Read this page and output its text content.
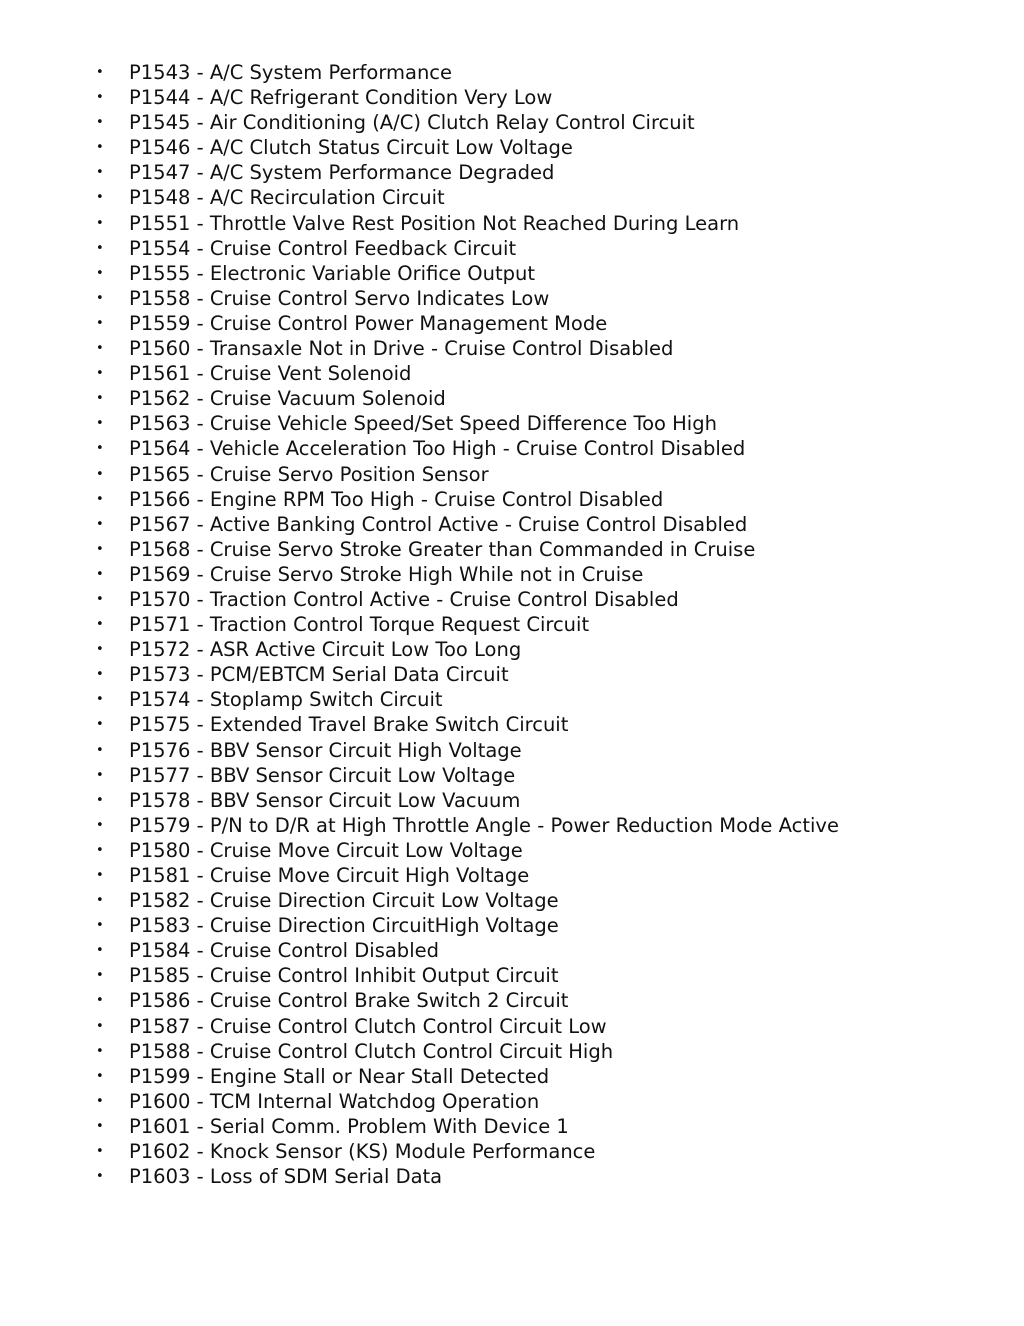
•	P1543 - A/C System Performance
•	P1544 - A/C Refrigerant Condition Very Low
•	P1545 - Air Conditioning (A/C) Clutch Relay Control Circuit
•	P1546 - A/C Clutch Status Circuit Low Voltage
•	P1547 - A/C System Performance Degraded
•	P1548 - A/C Recirculation Circuit
•	P1551 - Throttle Valve Rest Position Not Reached During Learn
•	P1554 - Cruise Control Feedback Circuit
•	P1555 - Electronic Variable Orifice Output
•	P1558 - Cruise Control Servo Indicates Low
•	P1559 - Cruise Control Power Management Mode
•	P1560 - Transaxle Not in Drive - Cruise Control Disabled
•	P1561 - Cruise Vent Solenoid
•	P1562 - Cruise Vacuum Solenoid
•	P1563 - Cruise Vehicle Speed/Set Speed Difference Too High
•	P1564 - Vehicle Acceleration Too High - Cruise Control Disabled
•	P1565 - Cruise Servo Position Sensor
•	P1566 - Engine RPM Too High - Cruise Control Disabled
•	P1567 - Active Banking Control Active - Cruise Control Disabled
•	P1568 - Cruise Servo Stroke Greater than Commanded in Cruise
•	P1569 - Cruise Servo Stroke High While not in Cruise
•	P1570 - Traction Control Active - Cruise Control Disabled
•	P1571 - Traction Control Torque Request Circuit
•	P1572 - ASR Active Circuit Low Too Long
•	P1573 - PCM/EBTCM Serial Data Circuit
•	P1574 - Stoplamp Switch Circuit
•	P1575 - Extended Travel Brake Switch Circuit
•	P1576 - BBV Sensor Circuit High Voltage
•	P1577 - BBV Sensor Circuit Low Voltage
•	P1578 - BBV Sensor Circuit Low Vacuum
•	P1579 - P/N to D/R at High Throttle Angle - Power Reduction Mode Active
•	P1580 - Cruise Move Circuit Low Voltage
•	P1581 - Cruise Move Circuit High Voltage
•	P1582 - Cruise Direction Circuit Low Voltage
•	P1583 - Cruise Direction CircuitHigh Voltage
•	P1584 - Cruise Control Disabled
•	P1585 - Cruise Control Inhibit Output Circuit
•	P1586 - Cruise Control Brake Switch 2 Circuit
•	P1587 - Cruise Control Clutch Control Circuit Low
•	P1588 - Cruise Control Clutch Control Circuit High
•	P1599 - Engine Stall or Near Stall Detected
•	P1600 - TCM Internal Watchdog Operation
•	P1601 - Serial Comm. Problem With Device 1
•	P1602 - Knock Sensor (KS) Module Performance
•	P1603 - Loss of SDM Serial Data
